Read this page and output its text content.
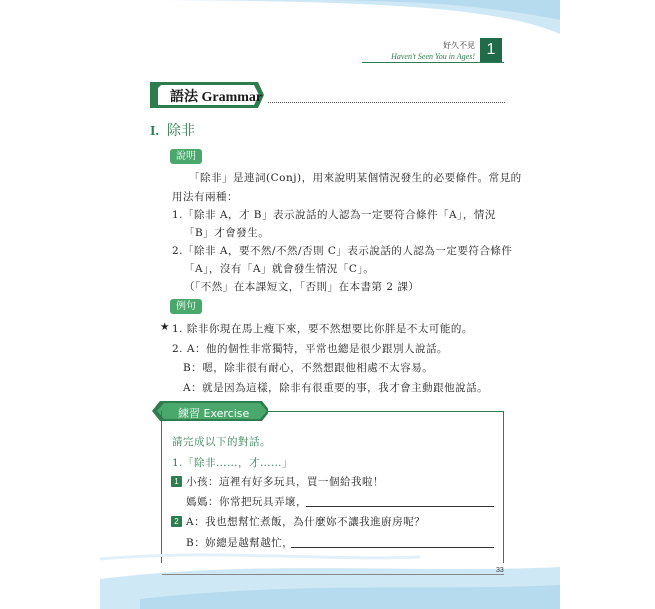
好久不見
Haven't Seen You in Ages! 1
語法 Grammar
I. 除非
說明
「除非」是連詞(Conj)，用來說明某個情況發生的必要條件。常見的
用法有兩種：
1.「除非 A，才 B」表示說話的人認為一定要符合條件「A」，情況
「B」才會發生。
2.「除非 A，要不然/不然/否則 C」表示說話的人認為一定要符合條件
「A」，沒有「A」就會發生情況「C」。
（「不然」在本課短文，「否則」在本書第 2 課）
例句
★ 1. 除非你現在馬上瘦下來，要不然想要比你胖是不太可能的。
2. A：他的個性非常獨特，平常也總是很少跟別人說話。
B：嗯，除非很有耐心，不然想跟他相處不太容易。
A：就是因為這樣，除非有很重要的事，我才會主動跟他說話。
練習 Exercise
請完成以下的對話。
1.「除非……，才……」
1 小孩：這裡有好多玩具，買一個給我啦！
媽媽：你常把玩具弄壞，
2 A：我也想幫忙煮飯，為什麼妳不讓我進廚房呢？
B：妳總是越幫越忙，
33
